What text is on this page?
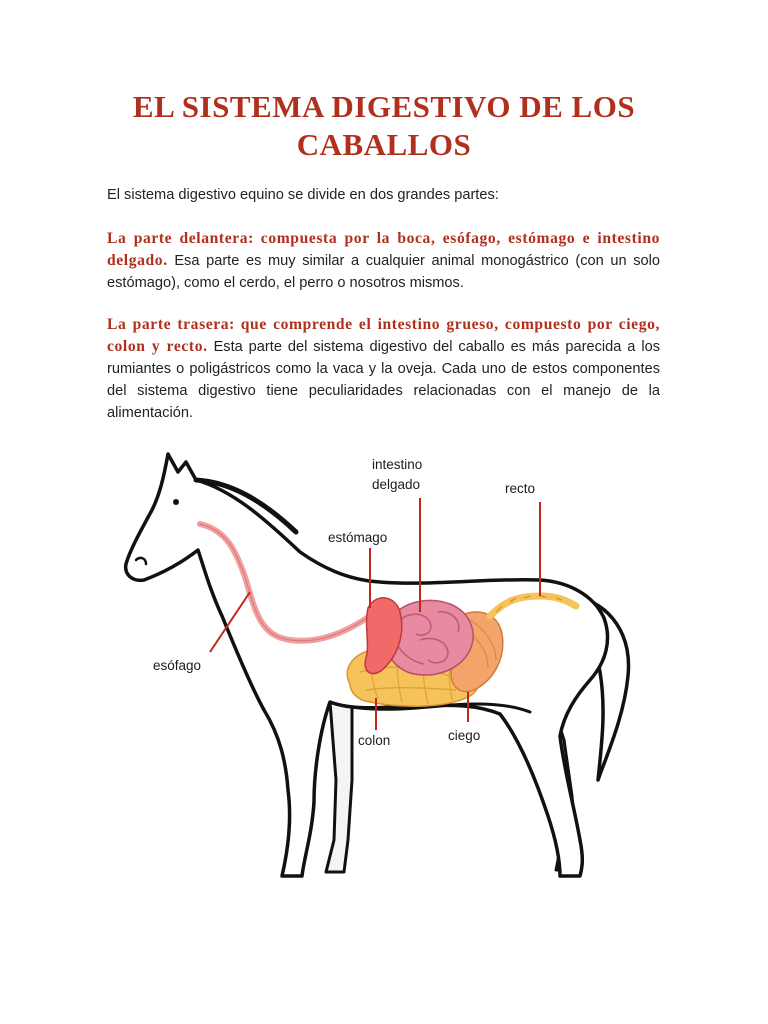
EL SISTEMA DIGESTIVO DE LOS CABALLOS

El sistema digestivo equino se divide en dos grandes partes:

La parte delantera: compuesta por la boca, esófago, estómago e intestino delgado. Esa parte es muy similar a cualquier animal monogástrico (con un solo estómago), como el cerdo, el perro o nosotros mismos.

La parte trasera: que comprende el intestino grueso, compuesto por ciego, colon y recto. Esta parte del sistema digestivo del caballo es más parecida a los rumiantes o poligástricos como la vaca y la oveja. Cada uno de estos componentes del sistema digestivo tiene peculiaridades relacionadas con el manejo de la alimentación.

intestino
delgado	recto
estómago
esófago
colon	ciego
